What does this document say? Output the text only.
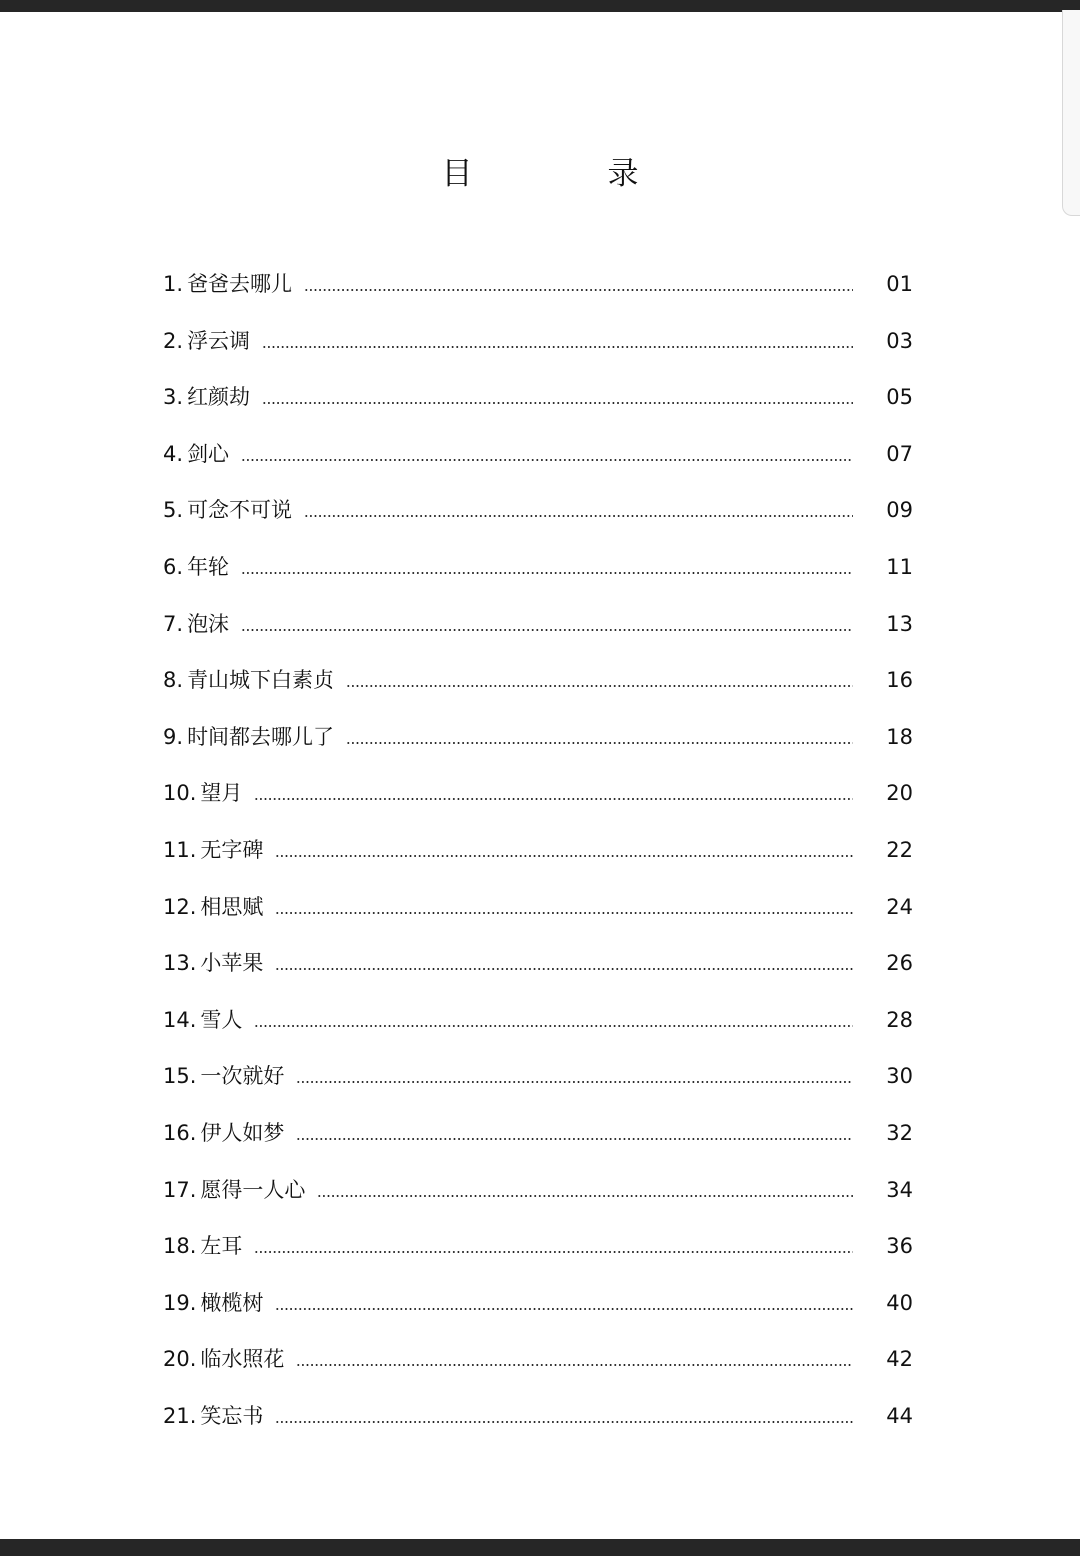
目　录
1 . 爸爸去哪儿	01
2 . 浮云调	03
3 . 红颜劫	05
4 . 剑心	07
5 . 可念不可说	09
6 . 年轮	11
7 . 泡沫	13
8 . 青山城下白素贞	16
9 . 时间都去哪儿了	18
10 . 望月	20
11 . 无字碑	22
12 . 相思赋	24
13 . 小苹果	26
14 . 雪人	28
15 . 一次就好	30
16 . 伊人如梦	32
17 . 愿得一人心	34
18 . 左耳	36
19 . 橄榄树	40
20 . 临水照花	42
21 . 笑忘书	44
